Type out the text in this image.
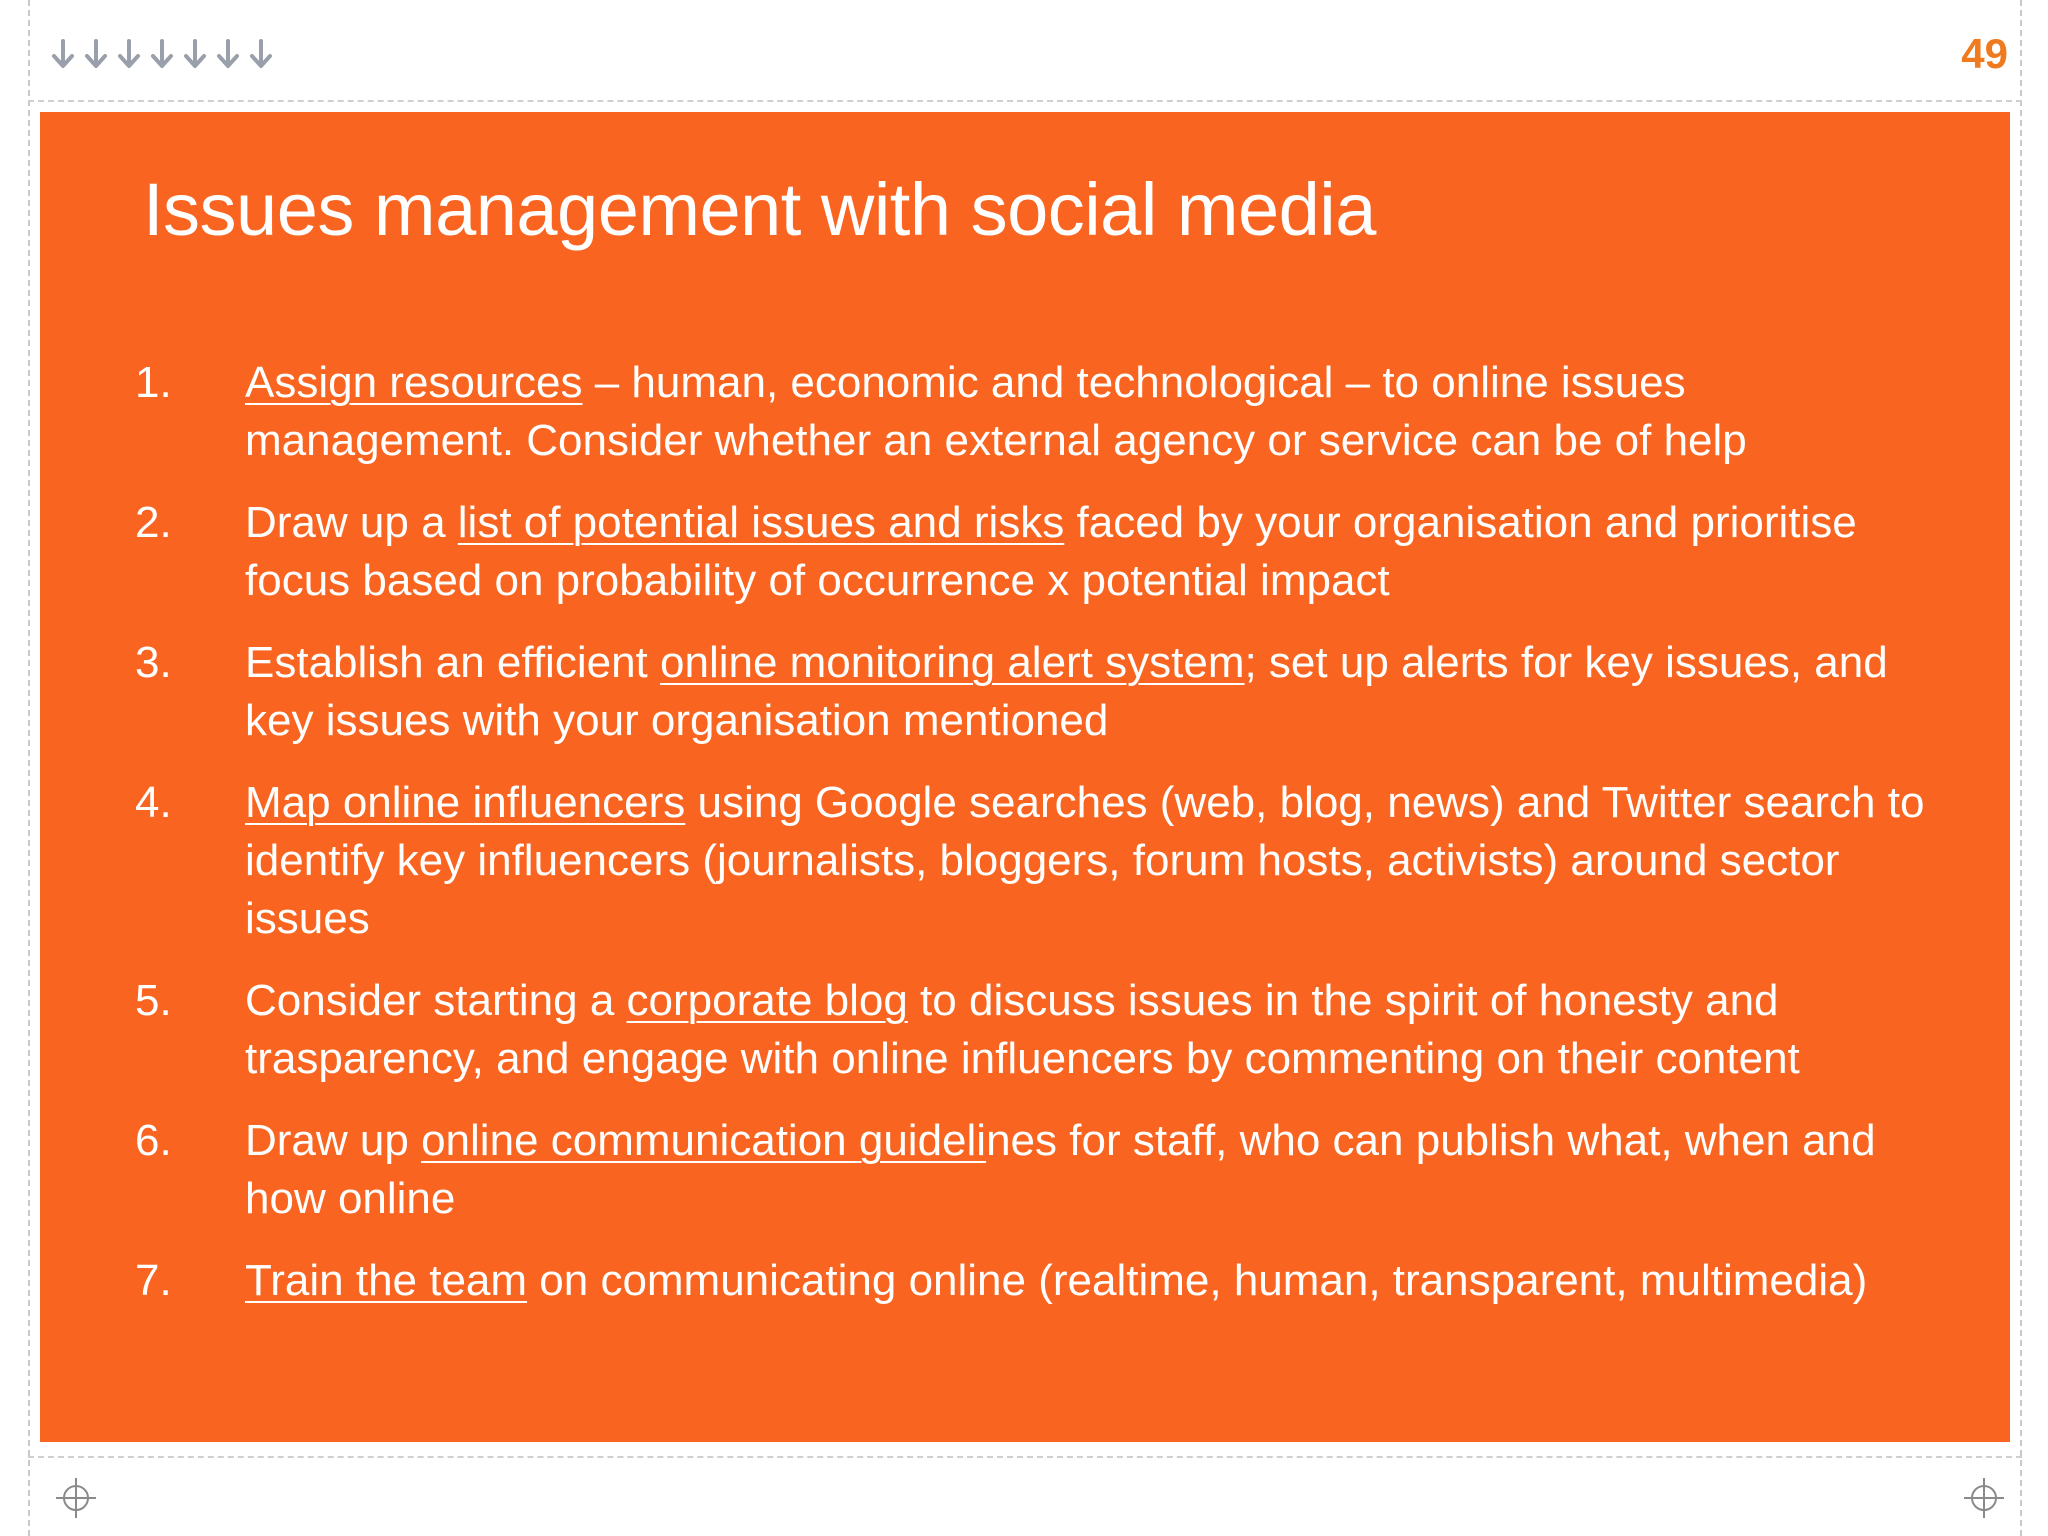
49
Issues management with social media
1.	Assign resources – human, economic and technological – to online issues management. Consider whether an external agency or service can be of help
2.	Draw up a list of potential issues and risks faced by your organisation and prioritise focus based on probability of occurrence x potential impact
3.	Establish an efficient online monitoring alert system; set up alerts for key issues, and key issues with your organisation mentioned
4.	Map online influencers using Google searches (web, blog, news) and Twitter search to identify key influencers (journalists, bloggers, forum hosts, activists) around sector issues
5.	Consider starting a corporate blog to discuss issues in the spirit of honesty and trasparency, and engage with online influencers by commenting on their content
6.	Draw up online communication guidelines for staff, who can publish what, when and how online
7.	Train the team on communicating online (realtime, human, transparent, multimedia)
